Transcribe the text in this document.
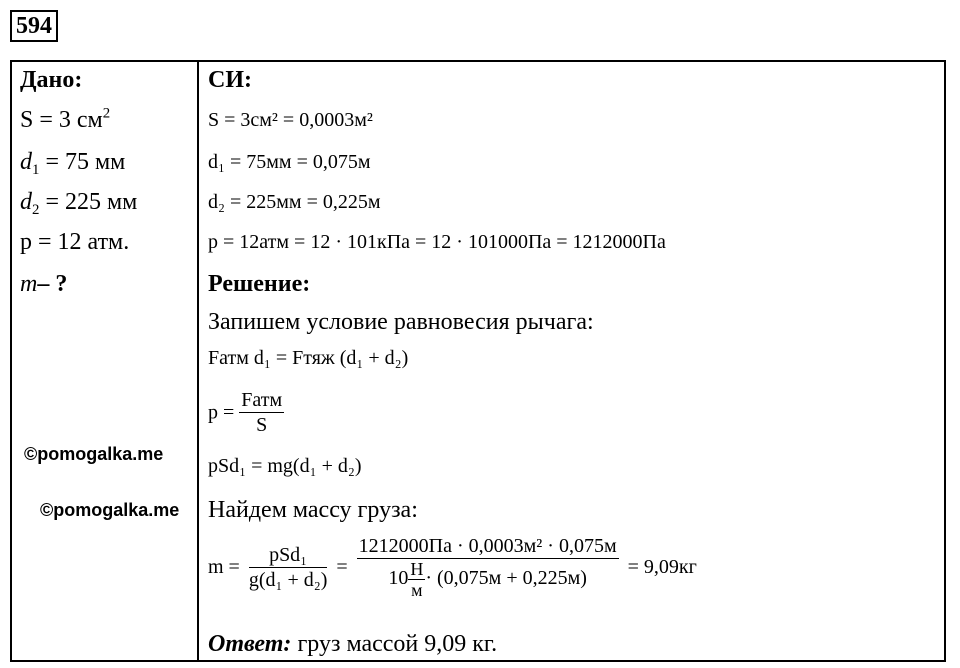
594
Дано:
S = 3 $см^2$
$d_1 = 75$ мм
$d_2 = 225$ мм
p = 12 атм.
m– ?
©pomogalka.me
©pomogalka.me
СИ:
S = 3см² = 0,0003м²
d₁ = 75мм = 0,075м
d₂ = 225мм = 0,225м
p = 12атм = 12 · 101кПа = 12 · 101000Па = 1212000Па
Решение:
Запишем условие равновесия рычага:
Fатм d₁ = Fтяж (d₁ + d₂)
$p = \frac{\text{Fатм}}{S}$
pSd₁ = mg(d₁ + d₂)
Найдем массу груза:
$m = \frac{\text{pSd₁}}{\text{g(d₁ + d₂)}} = \frac{\text{1212000Па · 0,0003м² · 0,075м}}{10 \frac{Н}{м} \cdot (0,075м + 0,225м)} = 9,09кг$
Ответ: груз массой 9,09 кг.
